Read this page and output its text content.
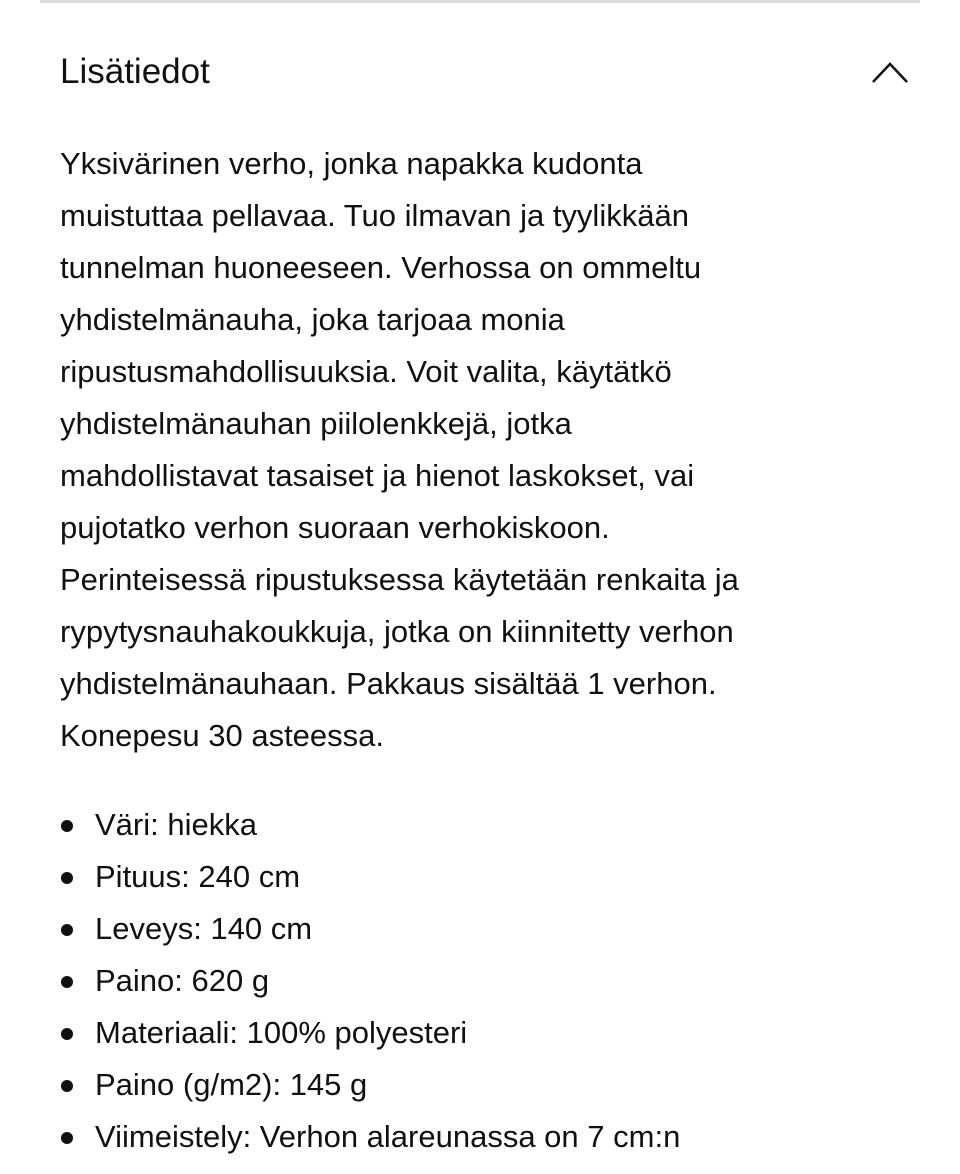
Lisätiedot
Yksivärinen verho, jonka napakka kudonta
muistuttaa pellavaa. Tuo ilmavan ja tyylikkään
tunnelman huoneeseen. Verhossa on ommeltu
yhdistelmänauha, joka tarjoaa monia
ripustusmahdollisuuksia. Voit valita, käytätkö
yhdistelmänauhan piilolenkkejä, jotka
mahdollistavat tasaiset ja hienot laskokset, vai
pujotatko verhon suoraan verhokiskoon.
Perinteisessä ripustuksessa käytetään renkaita ja
rypytysnauhakoukkuja, jotka on kiinnitetty verhon
yhdistelmänauhaan. Pakkaus sisältää 1 verhon.
Konepesu 30 asteessa.
Väri: hiekka
Pituus: 240 cm
Leveys: 140 cm
Paino: 620 g
Materiaali: 100% polyesteri
Paino (g/m2): 145 g
Viimeistely: Verhon alareunassa on 7 cm:n
